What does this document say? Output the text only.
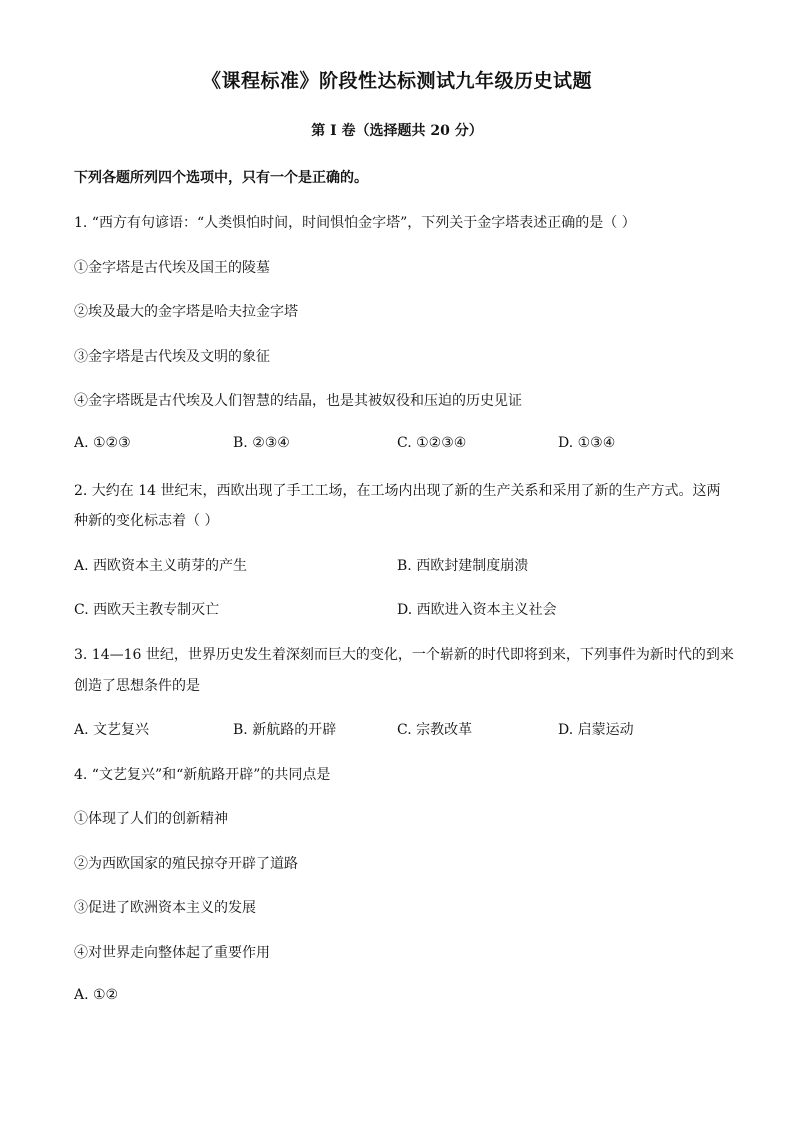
《课程标准》阶段性达标测试九年级历史试题
第 Ⅰ 卷（选择题共 20 分）
下列各题所列四个选项中，只有一个是正确的。
1. “西方有句谚语：“人类惧怕时间，时间惧怕金字塔”，下列关于金字塔表述正确的是（ ）
①金字塔是古代埃及国王的陵墓
②埃及最大的金字塔是哈夫拉金字塔
③金字塔是古代埃及文明的象征
④金字塔既是古代埃及人们智慧的结晶，也是其被奴役和压迫的历史见证
A. ①②③	B. ②③④	C. ①②③④	D. ①③④
2. 大约在 14 世纪末，西欧出现了手工工场，在工场内出现了新的生产关系和采用了新的生产方式。这两
种新的变化标志着（ ）
A. 西欧资本主义萌芽的产生	B. 西欧封建制度崩溃
C. 西欧天主教专制灭亡	D. 西欧进入资本主义社会
3. 14—16 世纪，世界历史发生着深刻而巨大的变化，一个崭新的时代即将到来，下列事件为新时代的到来
创造了思想条件的是
A. 文艺复兴	B. 新航路的开辟	C. 宗教改革	D. 启蒙运动
4. “文艺复兴”和“新航路开辟”的共同点是
①体现了人们的创新精神
②为西欧国家的殖民掠夺开辟了道路
③促进了欧洲资本主义的发展
④对世界走向整体起了重要作用
A. ①②
